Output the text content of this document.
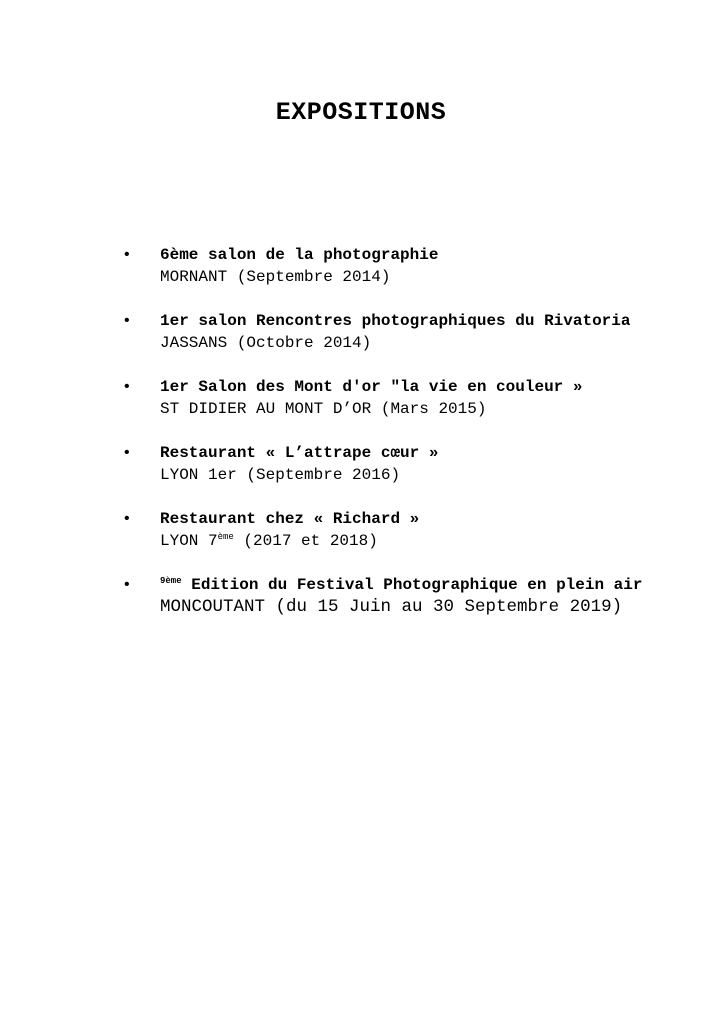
EXPOSITIONS
•	6ème salon de la photographie
MORNANT (Septembre 2014)
•	1er salon Rencontres photographiques du Rivatoria
JASSANS (Octobre 2014)
•	1er Salon des Mont d'or "la vie en couleur »
ST DIDIER AU MONT D’OR (Mars 2015)
•	Restaurant « L’attrape cœur »
LYON 1er (Septembre 2016)
•	Restaurant chez « Richard »
LYON 7ème (2017 et 2018)
•	$^{9ème}$ Edition du Festival Photographique en plein air
MONCOUTANT (du 15 Juin au 30 Septembre 2019)
